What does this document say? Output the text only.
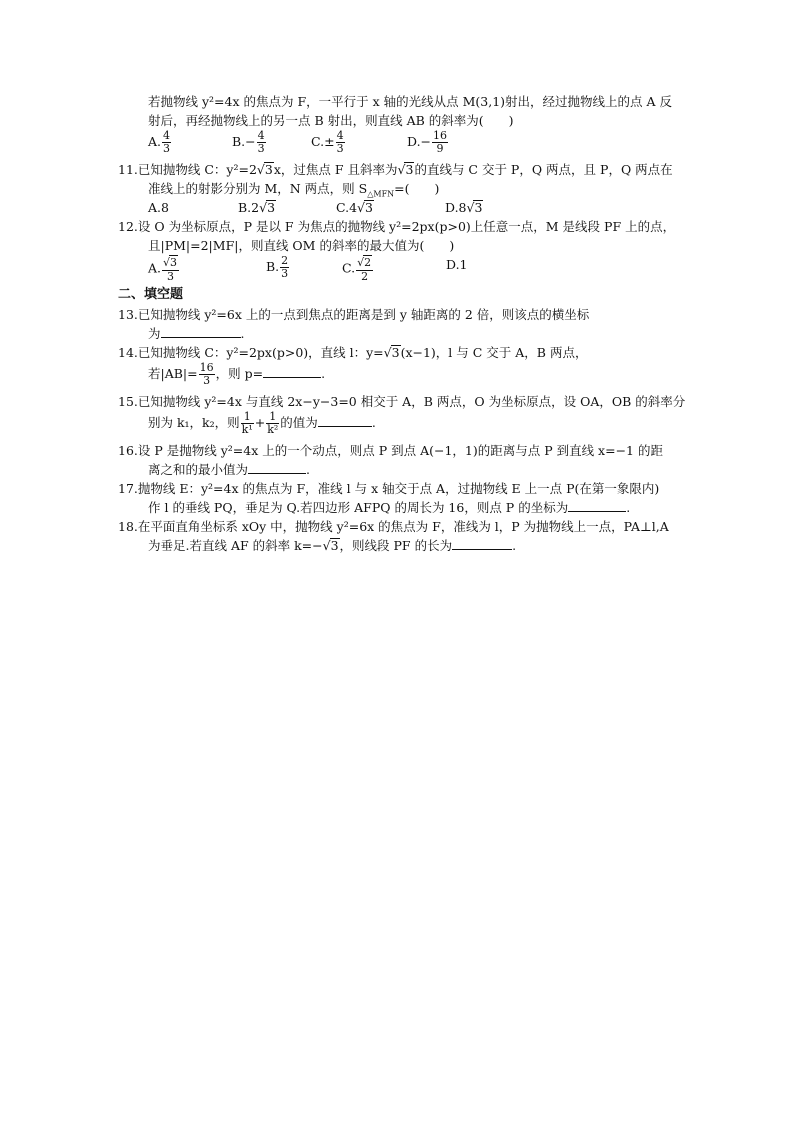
若抛物线 y²=4x 的焦点为 F，一平行于 x 轴的光线从点 M(3,1)射出，经过抛物线上的点 A 反
射后，再经抛物线上的另一点 B 射出，则直线 AB 的斜率为(　　)
A. $\frac{4}{3}$	$B.- \frac{4}{3}$	$C.\pm \frac{4}{3}$	$D.- \frac{16}{9}$
11.已知抛物线 C：y²=2√3x，过焦点 F 且斜率为√3的直线与 C 交于 P，Q 两点，且 P，Q 两点在
准线上的射影分别为 M，N 两点，则 $S_{\triangle MFN}=$(　　)
A.8	B.2√3	C.4√3	D.8√3
12.设 O 为坐标原点，P 是以 F 为焦点的抛物线 y²=2px(p>0)上任意一点，M 是线段 PF 上的点，
且|PM|=2|MF|，则直线 OM 的斜率的最大值为(　　)
A. $\frac{√3}{3}$	B. $\frac{2}{3}$	C. $\frac{√2}{2}$	D.1
二、填空题
13.已知抛物线 y²=6x 上的一点到焦点的距离是到 y 轴距离的 2 倍，则该点的横坐标
为	.
14.已知抛物线 C：y²=2px(p>0)，直线 l：y=√3(x−1)，l 与 C 交于 A，B 两点，
若$|AB|= \frac{16}{3}$ ，则 p=	.
15.已知抛物线 y²=4x 与直线 2x−y−3=0 相交于 A，B 两点，O 为坐标原点，设 OA，OB 的斜率分
别为 k₁，k₂，则 $\frac{1}{\text{k¹}} + \frac{1}{\text{k²}}$ 的值为	.
16.设 P 是抛物线 y²=4x 上的一个动点，则点 P 到点 A(−1，1)的距离与点 P 到直线 x=−1 的距
离之和的最小值为	.
17.抛物线 E：y²=4x 的焦点为 F，准线 l 与 x 轴交于点 A，过抛物线 E 上一点 P(在第一象限内)
作 l 的垂线 PQ，垂足为 Q.若四边形 AFPQ 的周长为 16，则点 P 的坐标为	.
18.在平面直角坐标系 xOy 中，抛物线 y²=6x 的焦点为 F，准线为 l，P 为抛物线上一点，PA⊥l,A
为垂足.若直线 AF 的斜率 k=−√3，则线段 PF 的长为	.
